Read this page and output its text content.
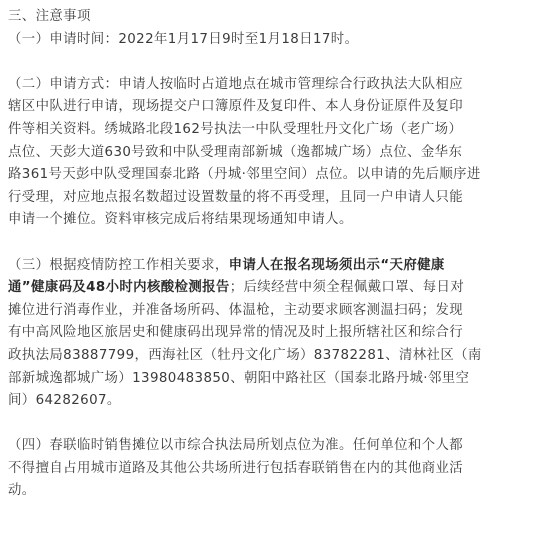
三、注意事项
（一）申请时间：2022年1月17日9时至1月18日17时。
（二）申请方式：申请人按临时占道地点在城市管理综合行政执法大队相应
辖区中队进行申请，现场提交户口簿原件及复印件、本人身份证原件及复印
件等相关资料。绣城路北段162号执法一中队受理牡丹文化广场（老广场）
点位、天彭大道630号致和中队受理南部新城（逸都城广场）点位、金华东
路361号天彭中队受理国泰北路（丹城·邻里空间）点位。以申请的先后顺序进
行受理，对应地点报名数超过设置数量的将不再受理，且同一户申请人只能
申请一个摊位。资料审核完成后将结果现场通知申请人。
（三）根据疫情防控工作相关要求，申请人在报名现场须出示“天府健康
通”健康码及48小时内核酸检测报告；后续经营中须全程佩戴口罩、每日对
摊位进行消毒作业，并准备场所码、体温枪，主动要求顾客测温扫码；发现
有中高风险地区旅居史和健康码出现异常的情况及时上报所辖社区和综合行
政执法局83887799，西海社区（牡丹文化广场）83782281、清林社区（南
部新城逸都城广场）13980483850、朝阳中路社区（国泰北路丹城·邻里空
间）64282607。
（四）春联临时销售摊位以市综合执法局所划点位为准。任何单位和个人都
不得擅自占用城市道路及其他公共场所进行包括春联销售在内的其他商业活
动。
